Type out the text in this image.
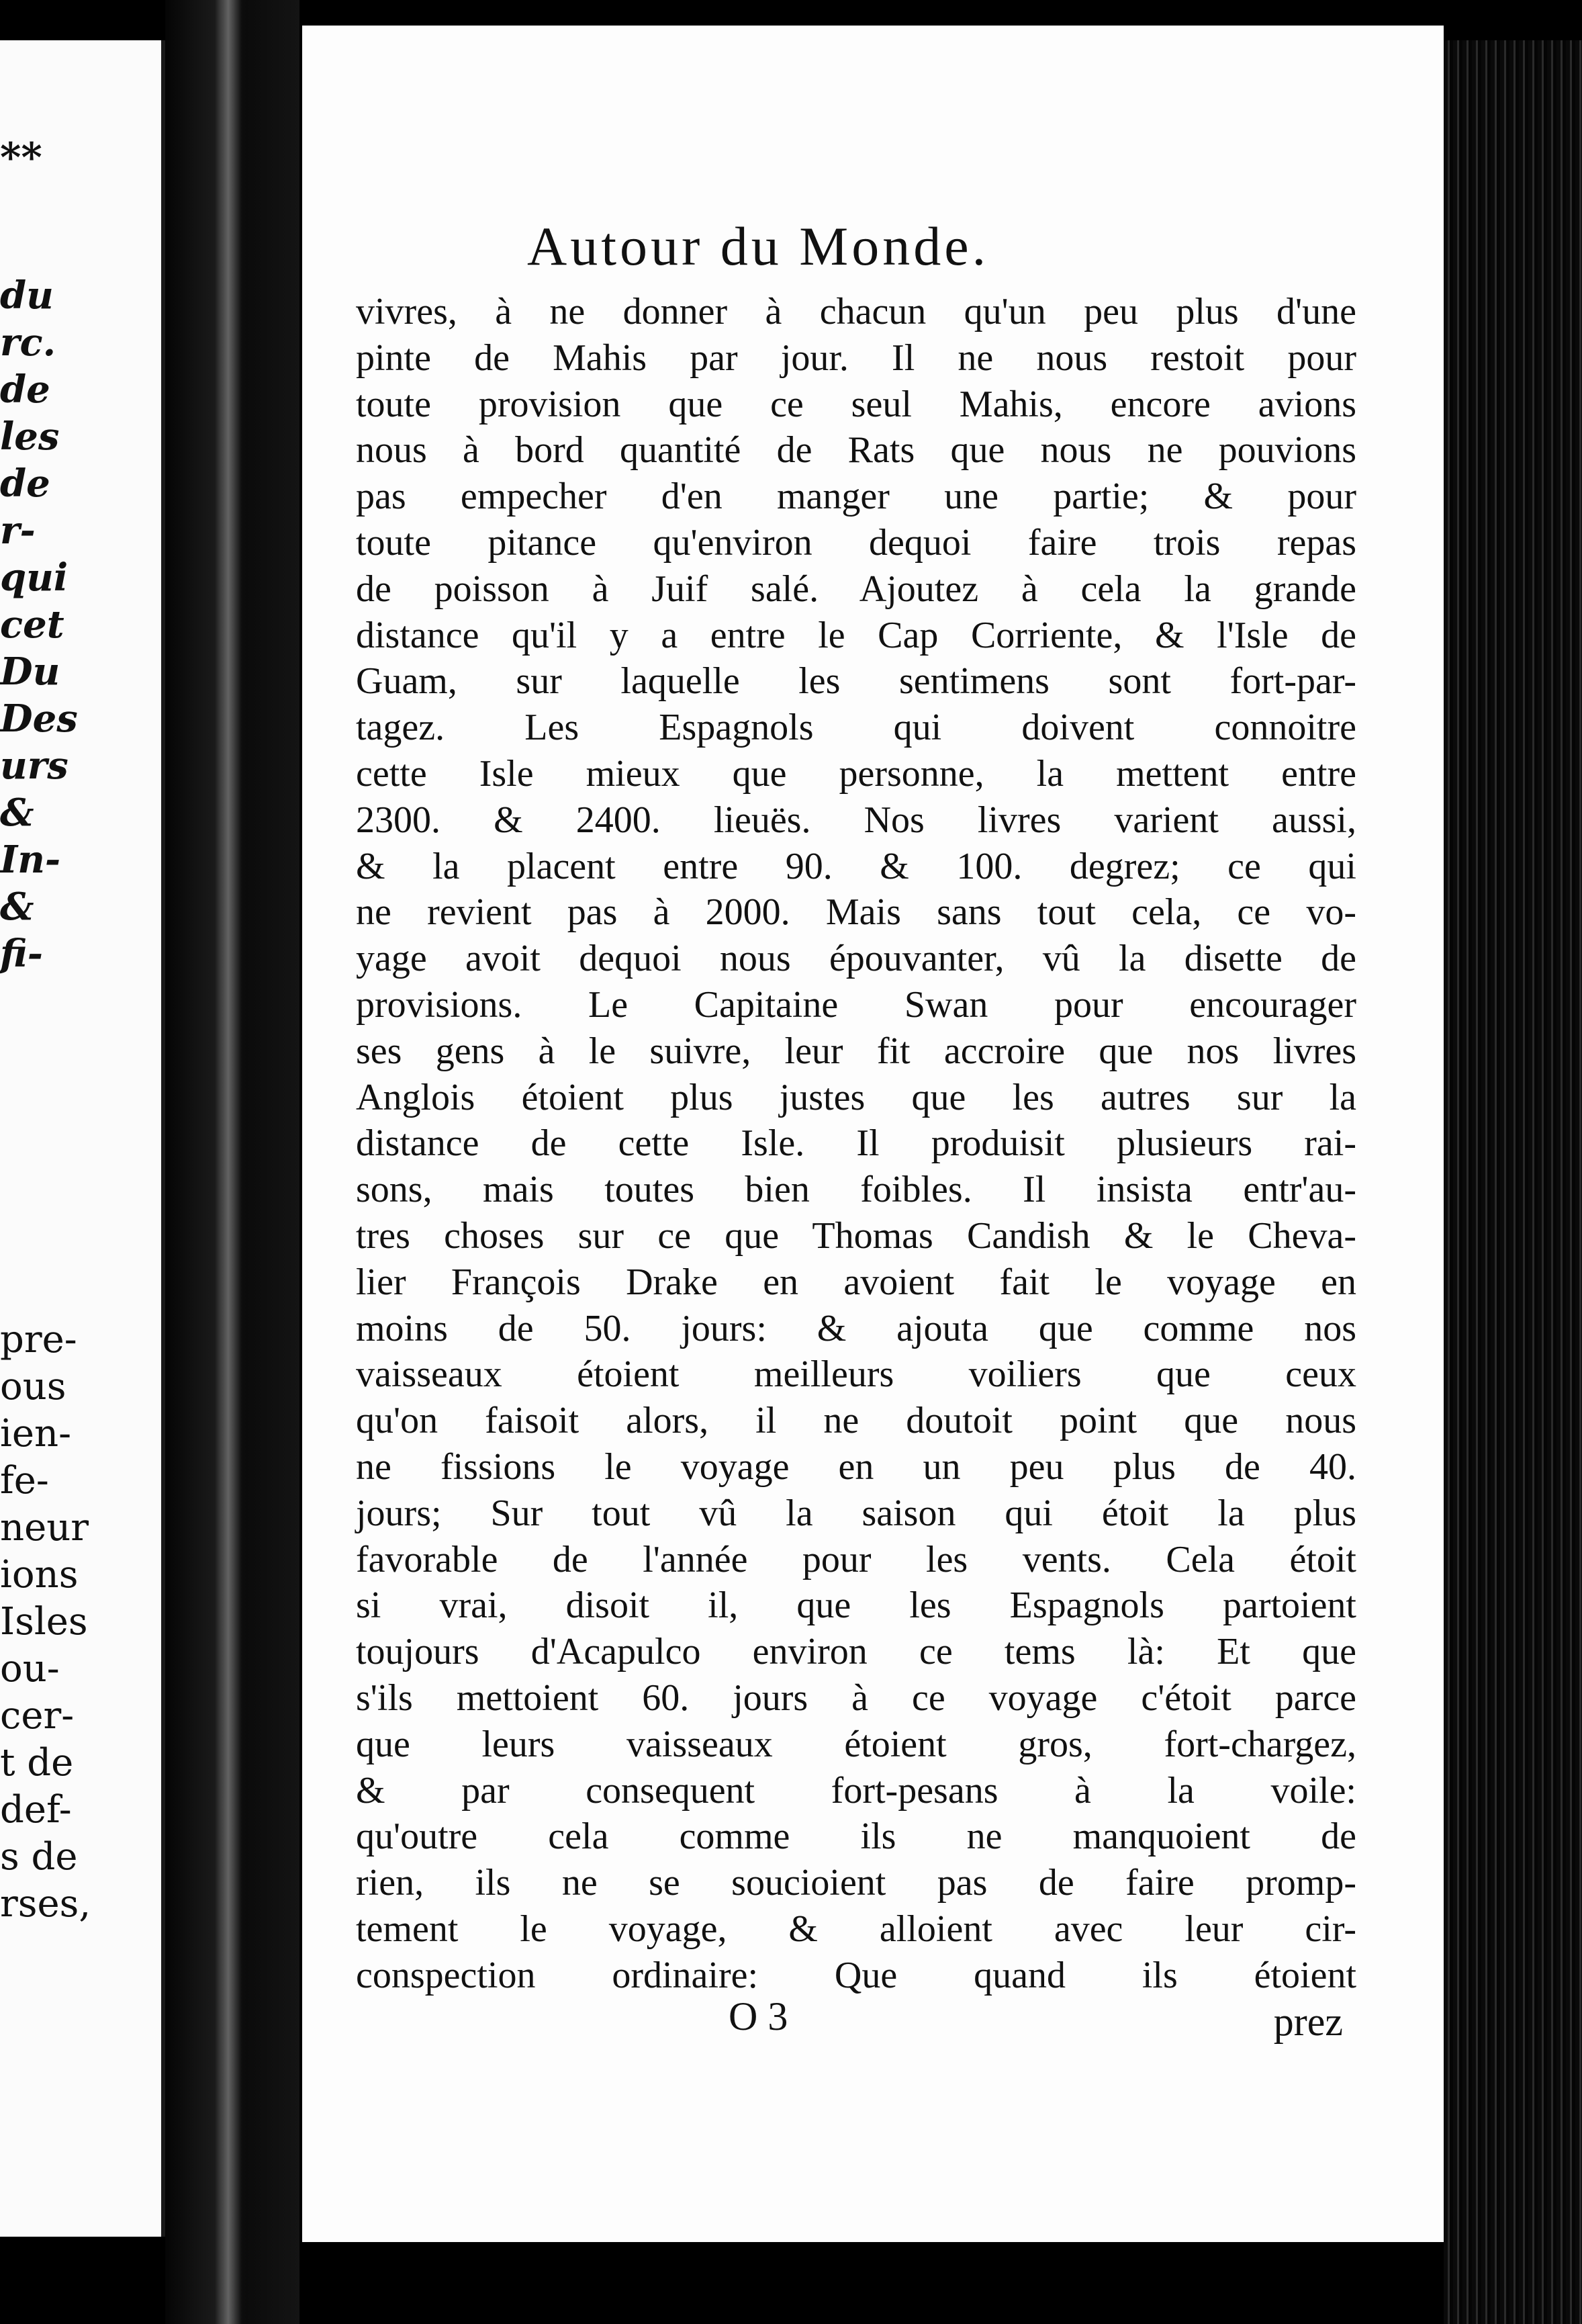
**
du
rc.
de
les
de
r-
qui
cet
Du
Des
urs
&
In-
&
fi-
pre-
ous
ien-
fe-
neur
ions
Isles
ou-
cer-
t de
def-
s de
rses,
Autour du Monde.
vivres, à ne donner à chacun qu'un peu plus d'une
pinte de Mahis par jour. Il ne nous restoit pour
toute provision que ce seul Mahis, encore avions
nous à bord quantité de Rats que nous ne pouvions
pas empecher d'en manger une partie; & pour
toute pitance qu'environ dequoi faire trois repas
de poisson à Juif salé. Ajoutez à cela la grande
distance qu'il y a entre le Cap Corriente, & l'Isle de
Guam, sur laquelle les sentimens sont fort-par-
tagez. Les Espagnols qui doivent connoitre
cette Isle mieux que personne, la mettent entre
2300. & 2400. lieuës. Nos livres varient aussi,
& la placent entre 90. & 100. degrez; ce qui
ne revient pas à 2000. Mais sans tout cela, ce vo-
yage avoit dequoi nous épouvanter, vû la disette de
provisions. Le Capitaine Swan pour encourager
ses gens à le suivre, leur fit accroire que nos livres
Anglois étoient plus justes que les autres sur la
distance de cette Isle. Il produisit plusieurs rai-
sons, mais toutes bien foibles. Il insista entr'au-
tres choses sur ce que Thomas Candish & le Cheva-
lier François Drake en avoient fait le voyage en
moins de 50. jours: & ajouta que comme nos
vaisseaux étoient meilleurs voiliers que ceux
qu'on faisoit alors, il ne doutoit point que nous
ne fissions le voyage en un peu plus de 40.
jours; Sur tout vû la saison qui étoit la plus
favorable de l'année pour les vents. Cela étoit
si vrai, disoit il, que les Espagnols partoient
toujours d'Acapulco environ ce tems là: Et que
s'ils mettoient 60. jours à ce voyage c'étoit parce
que leurs vaisseaux étoient gros, fort-chargez,
& par consequent fort-pesans à la voile:
qu'outre cela comme ils ne manquoient de
rien, ils ne se soucioient pas de faire promp-
tement le voyage, & alloient avec leur cir-
conspection ordinaire: Que quand ils étoient
O 3	prez
